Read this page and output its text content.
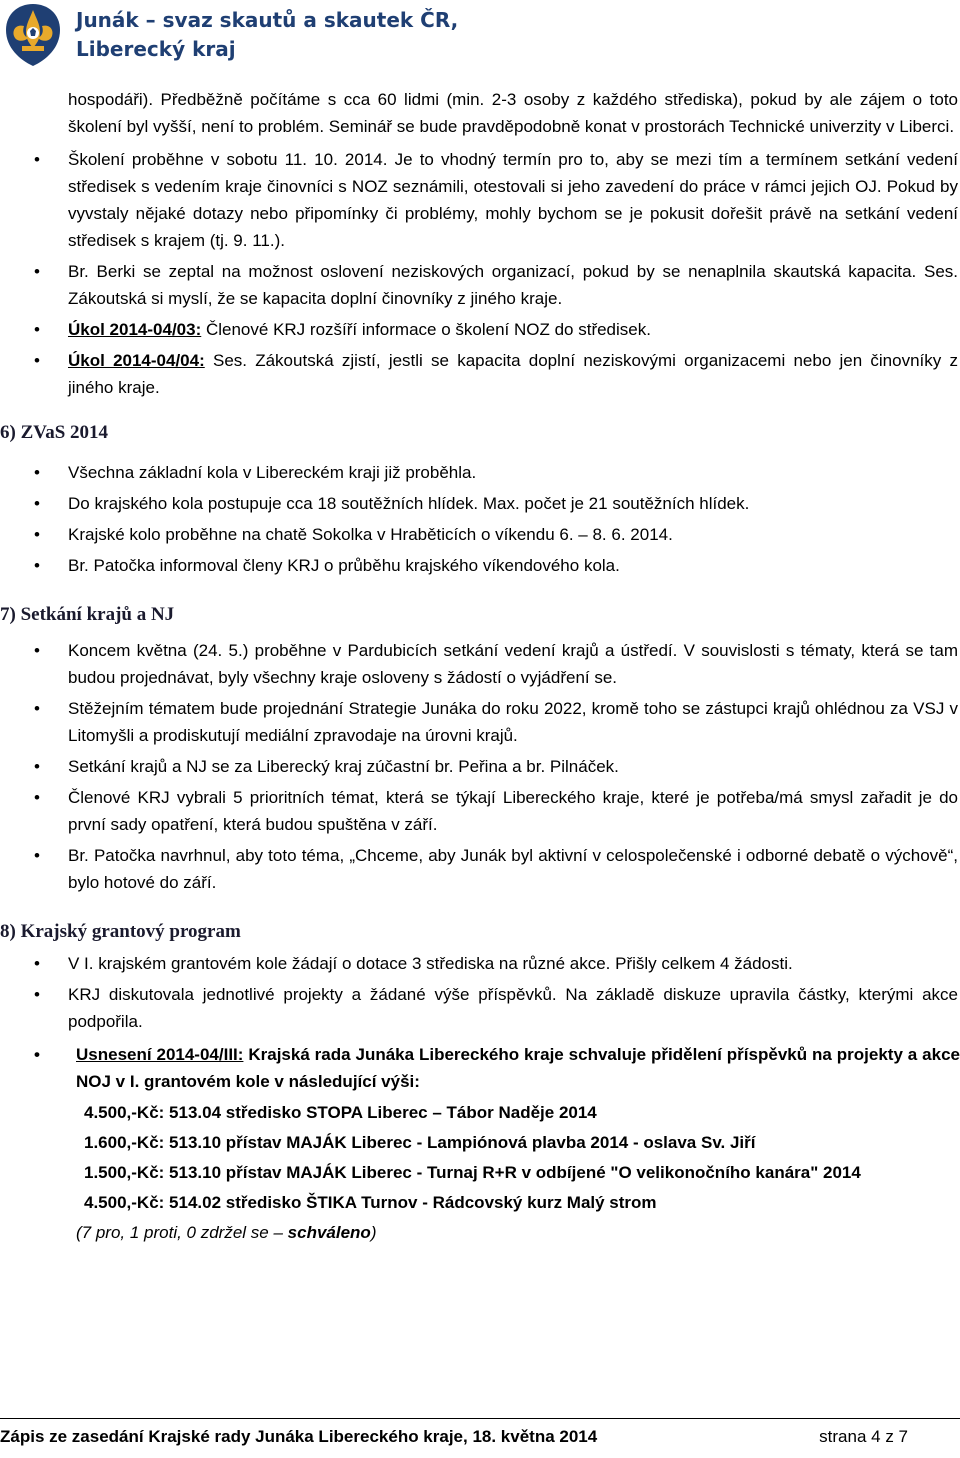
Junák – svaz skautů a skautek ČR,
Liberecký kraj

hospodáři). Předběžně počítáme s cca 60 lidmi (min. 2-3 osoby z každého střediska), pokud by ale zájem o toto školení byl vyšší, není to problém. Seminář se bude pravděpodobně konat v prostorách Technické univerzity v Liberci.

•	Školení proběhne v sobotu 11. 10. 2014. Je to vhodný termín pro to, aby se mezi tím a termínem setkání vedení středisek s vedením kraje činovníci s NOZ seznámili, otestovali si jeho zavedení do práce v rámci jejich OJ. Pokud by vyvstaly nějaké dotazy nebo připomínky či problémy, mohly bychom se je pokusit dořešit právě na setkání vedení středisek s krajem (tj. 9. 11.).

•	Br. Berki se zeptal na možnost oslovení neziskových organizací, pokud by se nenaplnila skautská kapacita. Ses. Zákoutská si myslí, že se kapacita doplní činovníky z jiného kraje.

•	Úkol 2014-04/03: Členové KRJ rozšíří informace o školení NOZ do středisek.

•	Úkol 2014-04/04: Ses. Zákoutská zjistí, jestli se kapacita doplní neziskovými organizacemi nebo jen činovníky z jiného kraje.

6) ZVaS 2014

•	Všechna základní kola v Libereckém kraji již proběhla.

•	Do krajského kola postupuje cca 18 soutěžních hlídek. Max. počet je 21 soutěžních hlídek.

•	Krajské kolo proběhne na chatě Sokolka v Hraběticích o víkendu 6. – 8. 6. 2014.

•	Br. Patočka informoval členy KRJ o průběhu krajského víkendového kola.

7) Setkání krajů a NJ

•	Koncem května (24. 5.) proběhne v Pardubicích setkání vedení krajů a ústředí. V souvislosti s tématy, která se tam budou projednávat, byly všechny kraje osloveny s žádostí o vyjádření se.

•	Stěžejním tématem bude projednání Strategie Junáka do roku 2022, kromě toho se zástupci krajů ohlédnou za VSJ v Litomyšli a prodiskutují mediální zpravodaje na úrovni krajů.

•	Setkání krajů a NJ se za Liberecký kraj zúčastní br. Peřina a br. Pilnáček.

•	Členové KRJ vybrali 5 prioritních témat, která se týkají Libereckého kraje, které je potřeba/má smysl zařadit je do první sady opatření, která budou spuštěna v září.

•	Br. Patočka navrhnul, aby toto téma, „Chceme, aby Junák byl aktivní v celospolečenské i odborné debatě o výchově“, bylo hotové do září.

8) Krajský grantový program

•	V I. krajském grantovém kole žádají o dotace 3 střediska na různé akce. Přišly celkem 4 žádosti.

•	KRJ diskutovala jednotlivé projekty a žádané výše příspěvků. Na základě diskuze upravila částky, kterými akce podpořila.

•	Usnesení 2014-04/III: Krajská rada Junáka Libereckého kraje schvaluje přidělení příspěvků na projekty a akce NOJ v I. grantovém kole v následující výši:

4.500,-Kč: 513.04 středisko STOPA Liberec – Tábor Naděje 2014

1.600,-Kč: 513.10 přístav MAJÁK Liberec - Lampiónová plavba 2014 - oslava Sv. Jiří

1.500,-Kč: 513.10 přístav MAJÁK Liberec - Turnaj R+R v odbíjené "O velikonočního kanára" 2014

4.500,-Kč: 514.02 středisko ŠTIKA Turnov - Rádcovský kurz Malý strom

(7 pro, 1 proti, 0 zdržel se – schváleno)

Zápis ze zasedání Krajské rady Junáka Libereckého kraje, 18. května 2014	strana 4 z 7
